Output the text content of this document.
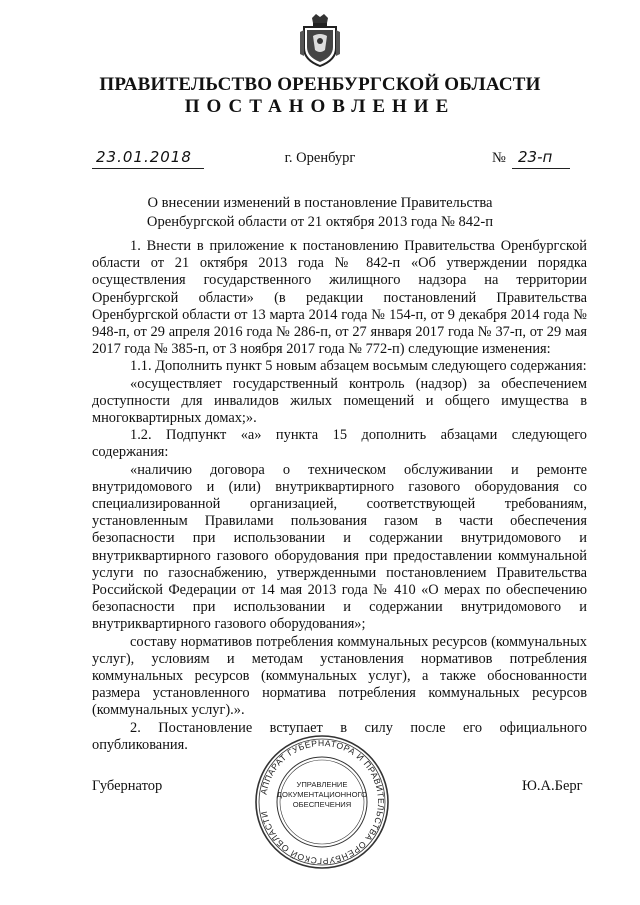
ПРАВИТЕЛЬСТВО ОРЕНБУРГСКОЙ ОБЛАСТИ
ПОСТАНОВЛЕНИЕ
23.01.2018	г. Оренбург	№ 23-п
О внесении изменений в постановление Правительства
Оренбургской области от 21 октября 2013 года № 842-п

1. Внести в приложение к постановлению Правительства Оренбургской области от 21 октября 2013 года № 842-п «Об утверждении порядка осуществления государственного жилищного надзора на территории Оренбургской области» (в редакции постановлений Правительства Оренбургской области от 13 марта 2014 года № 154-п, от 9 декабря 2014 года № 948-п, от 29 апреля 2016 года № 286-п, от 27 января 2017 года № 37-п, от 29 мая 2017 года № 385-п, от 3 ноября 2017 года № 772-п) следующие изменения:

1.1. Дополнить пункт 5 новым абзацем восьмым следующего содержания:

«осуществляет государственный контроль (надзор) за обеспечением доступности для инвалидов жилых помещений и общего имущества в многоквартирных домах;».

1.2. Подпункт «а» пункта 15 дополнить абзацами следующего содержания:

«наличию договора о техническом обслуживании и ремонте внутридомового и (или) внутриквартирного газового оборудования со специализированной организацией, соответствующей требованиям, установленным Правилами пользования газом в части обеспечения безопасности при использовании и содержании внутридомового и внутриквартирного газового оборудования при предоставлении коммунальной услуги по газоснабжению, утвержденными постановлением Правительства Российской Федерации от 14 мая 2013 года № 410 «О мерах по обеспечению безопасности при использовании и содержании внутридомового и внутриквартирного газового оборудования»;

составу нормативов потребления коммунальных ресурсов (коммунальных услуг), условиям и методам установления нормативов потребления коммунальных ресурсов (коммунальных услуг), а также обоснованности размера установленного норматива потребления коммунальных ресурсов (коммунальных услуг).».

2. Постановление вступает в силу после его официального опубликования.

АППАРАТ ГУБЕРНАТОРА И ПРАВИТЕЛЬСТВА ОРЕНБУРГСКОЙ ОБЛАСТИ
УПРАВЛЕНИЕ
ДОКУМЕНТАЦИОННОГО
ОБЕСПЕЧЕНИЯ
Губернатор	Ю.А.Берг
